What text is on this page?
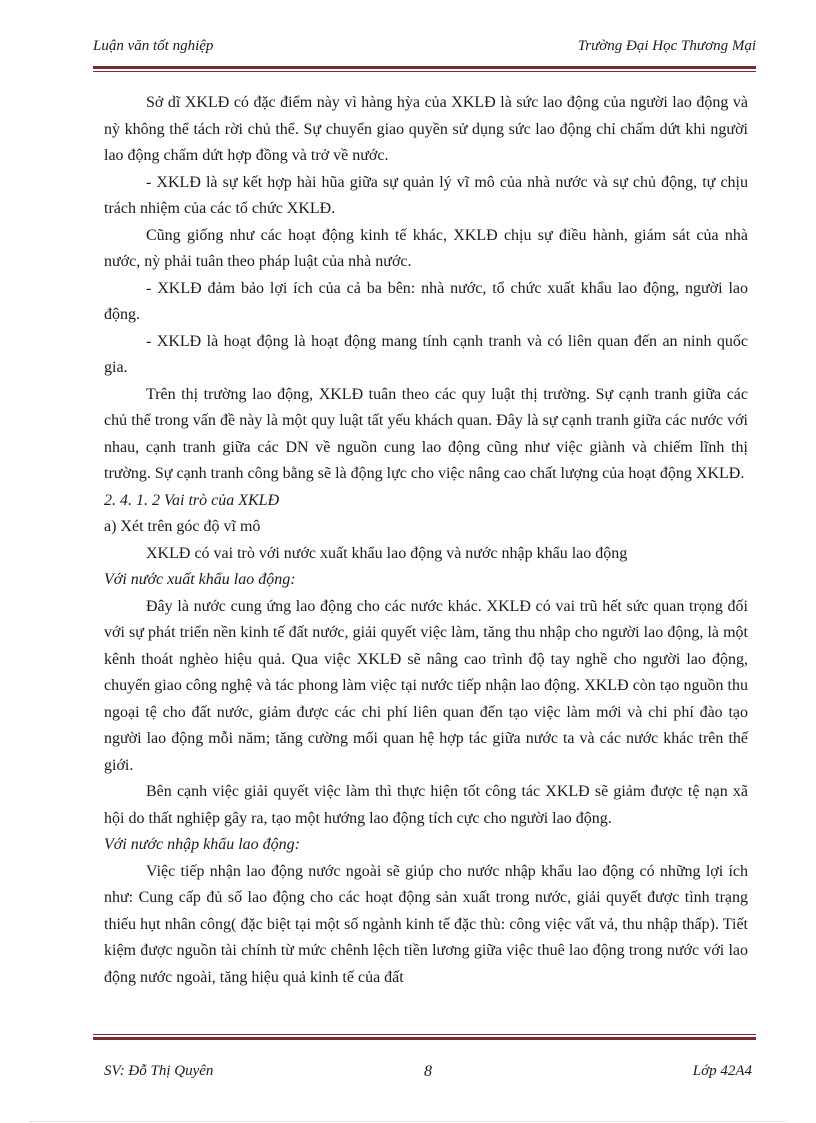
Luận văn tốt nghiệp	Trường Đại Học Thương Mại

Sở dĩ XKLĐ có đặc điểm này vì hàng hỳa của XKLĐ là sức lao động của người lao động và nỳ không thể tách rời chủ thể. Sự chuyển giao quyền sử dụng sức lao động chỉ chấm dứt khi người lao động chấm dứt hợp đồng và trở về nước.

- XKLĐ là sự kết hợp hài hũa giữa sự quản lý vĩ mô của nhà nước và sự chủ động, tự chịu trách nhiệm của các tổ chức XKLĐ.

Cũng giống như các hoạt động kinh tế khác, XKLĐ chịu sự điều hành, giám sát của nhà nước, nỳ phải tuân theo pháp luật của nhà nước.

- XKLĐ đảm bảo lợi ích của cả ba bên: nhà nước, tổ chức xuất khẩu lao động, người lao động.

- XKLĐ là hoạt động là hoạt động mang tính cạnh tranh và có liên quan đến an ninh quốc gia.

Trên thị trường lao động, XKLĐ tuân theo các quy luật thị trường. Sự cạnh tranh giữa các chủ thể trong vấn đề này là một quy luật tất yếu khách quan. Đây là sự cạnh tranh giữa các nước với nhau, cạnh tranh giữa các DN về nguồn cung lao động cũng như việc giành và chiếm lĩnh thị trường. Sự cạnh tranh công bằng sẽ là động lực cho việc nâng cao chất lượng của hoạt động XKLĐ.

2. 4. 1. 2 Vai trò của XKLĐ

a) Xét trên góc độ vĩ mô

XKLĐ có vai trò với nước xuất khẩu lao động và nước nhập khẩu lao động

Với nước xuất khẩu lao động:

Đây là nước cung ứng lao động cho các nước khác. XKLĐ có vai trũ hết sức quan trọng đối với sự phát triển nền kinh tế đất nước, giải quyết việc làm, tăng thu nhập cho người lao động, là một kênh thoát nghèo hiệu quả. Qua việc XKLĐ sẽ nâng cao trình độ tay nghề cho người lao động, chuyển giao công nghệ và tác phong làm việc tại nước tiếp nhận lao động. XKLĐ còn tạo nguồn thu ngoại tệ cho đất nước, giảm được các chi phí liên quan đến tạo việc làm mới và chi phí đào tạo người lao động mỗi năm; tăng cường mối quan hệ hợp tác giữa nước ta và các nước khác trên thế giới.

Bên cạnh việc giải quyết việc làm thì thực hiện tốt công tác XKLĐ sẽ giảm được tệ nạn xã hội do thất nghiệp gây ra, tạo một hướng lao động tích cực cho người lao động.

Với nước nhập khẩu lao động:

Việc tiếp nhận lao động nước ngoài sẽ giúp cho nước nhập khẩu lao động có những lợi ích như: Cung cấp đủ số lao động cho các hoạt động sản xuất trong nước, giải quyết được tình trạng thiếu hụt nhân công( đặc biệt tại một số ngành kinh tế đặc thù: công việc vất vả, thu nhập thấp). Tiết kiệm được nguồn tài chính từ mức chênh lệch tiền lương giữa việc thuê lao động trong nước với lao động nước ngoài, tăng hiệu quả kinh tế của đất

SV: Đỗ Thị Quyên	8	Lớp 42A4
